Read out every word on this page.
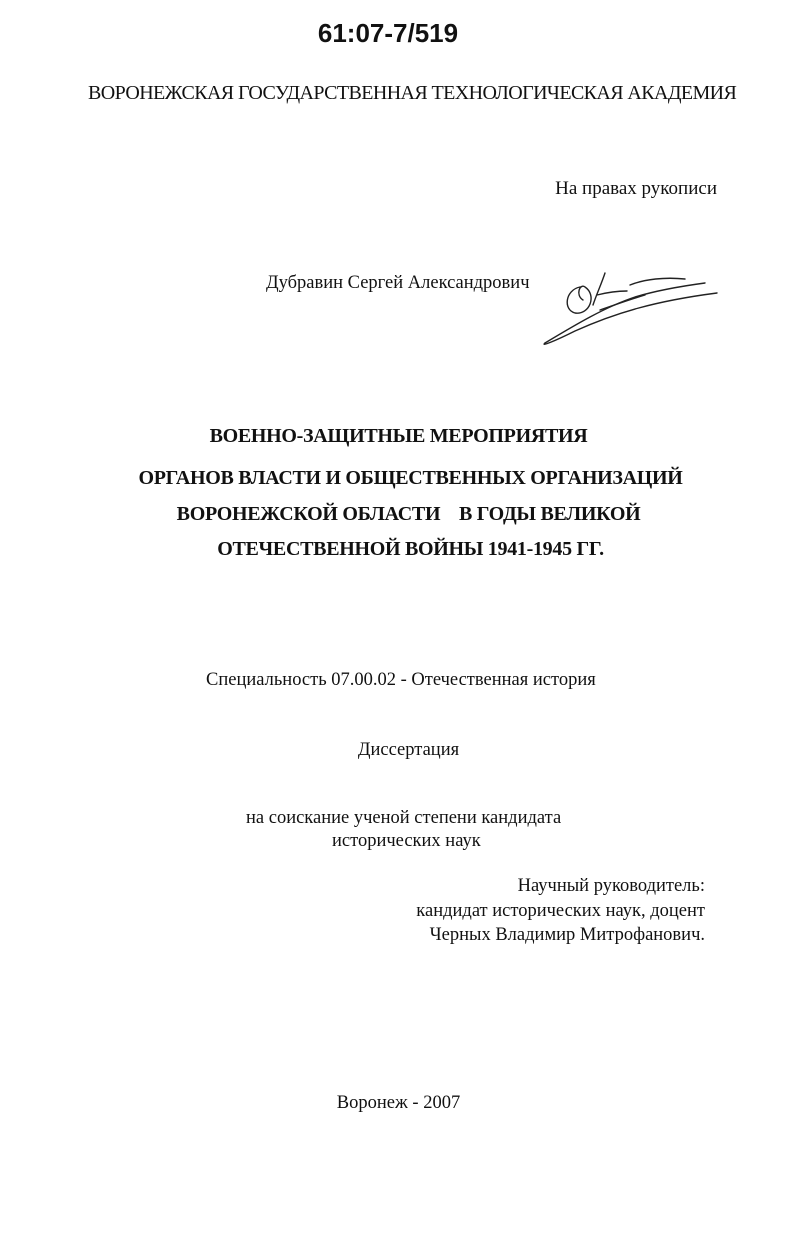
61:07-7/519
ВОРОНЕЖСКАЯ ГОСУДАРСТВЕННАЯ ТЕХНОЛОГИЧЕСКАЯ АКАДЕМИЯ
На правах рукописи
Дубравин Сергей Александрович
ВОЕННО-ЗАЩИТНЫЕ МЕРОПРИЯТИЯ
ОРГАНОВ ВЛАСТИ И ОБЩЕСТВЕННЫХ ОРГАНИЗАЦИЙ
ВОРОНЕЖСКОЙ ОБЛАСТИ    В ГОДЫ ВЕЛИКОЙ
ОТЕЧЕСТВЕННОЙ ВОЙНЫ 1941-1945 ГГ.
Специальность 07.00.02 - Отечественная история
Диссертация
на соискание ученой степени кандидата
исторических наук
Научный руководитель:
кандидат исторических наук, доцент
Черных Владимир Митрофанович.
Воронеж - 2007
